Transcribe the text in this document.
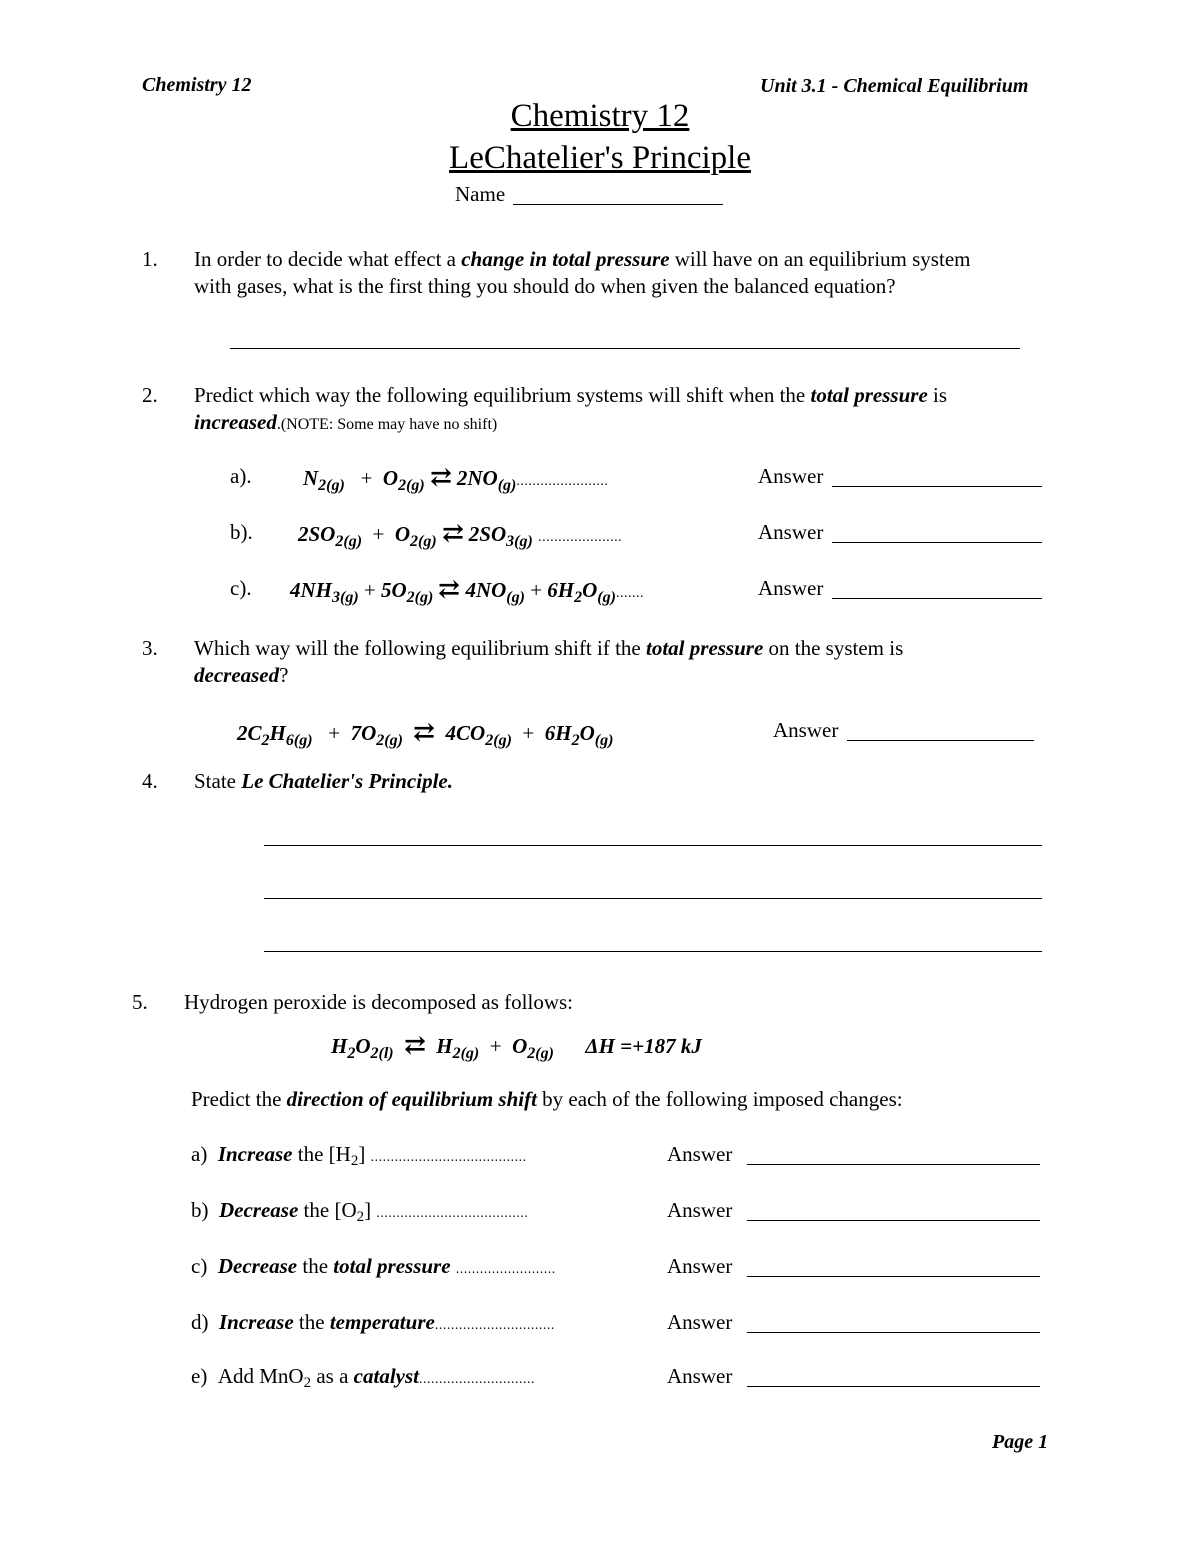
Chemistry 12	Unit 3.1 - Chemical Equilibrium
Chemistry 12
LeChatelier's Principle
Name
1. In order to decide what effect a change in total pressure will have on an equilibrium system
with gases, what is the first thing you should do when given the balanced equation?
2. Predict which way the following equilibrium systems will shift when the total pressure is
increased.(NOTE: Some may have no shift)
a). $N_{2(g)} + O_{2(g)}$ ⇄ $2NO_{(g)}$.......................	Answer
b). $2SO_{2(g)} + O_{2(g)}$ ⇄ $2SO_{3(g)}$ .....................	Answer
c). $4NH_{3(g)} + 5O_{2(g)}$ ⇄ $4NO_{(g)} + 6H_2O_{(g)}$.......	Answer
3. Which way will the following equilibrium shift if the total pressure on the system is
decreased?
$2C_2H_{6(g)} + 7O_{2(g)}$ ⇄ $4CO_{2(g)} + 6H_2O_{(g)}$	Answer
4. State Le Chatelier's Principle.
5. Hydrogen peroxide is decomposed as follows:
$H_2O_{2(l)}$ ⇄ $H_{2(g)} + O_{2(g)}$ ΔH =+187 kJ
Predict the direction of equilibrium shift by each of the following imposed changes:
a) Increase the $[H_2]$ .......................................	Answer
b) Decrease the $[O_2]$ ......................................	Answer
c) Decrease the total pressure .........................	Answer
d) Increase the temperature..............................	Answer
e) Add MnO$_2$ as a catalyst.............................	Answer
Page 1
